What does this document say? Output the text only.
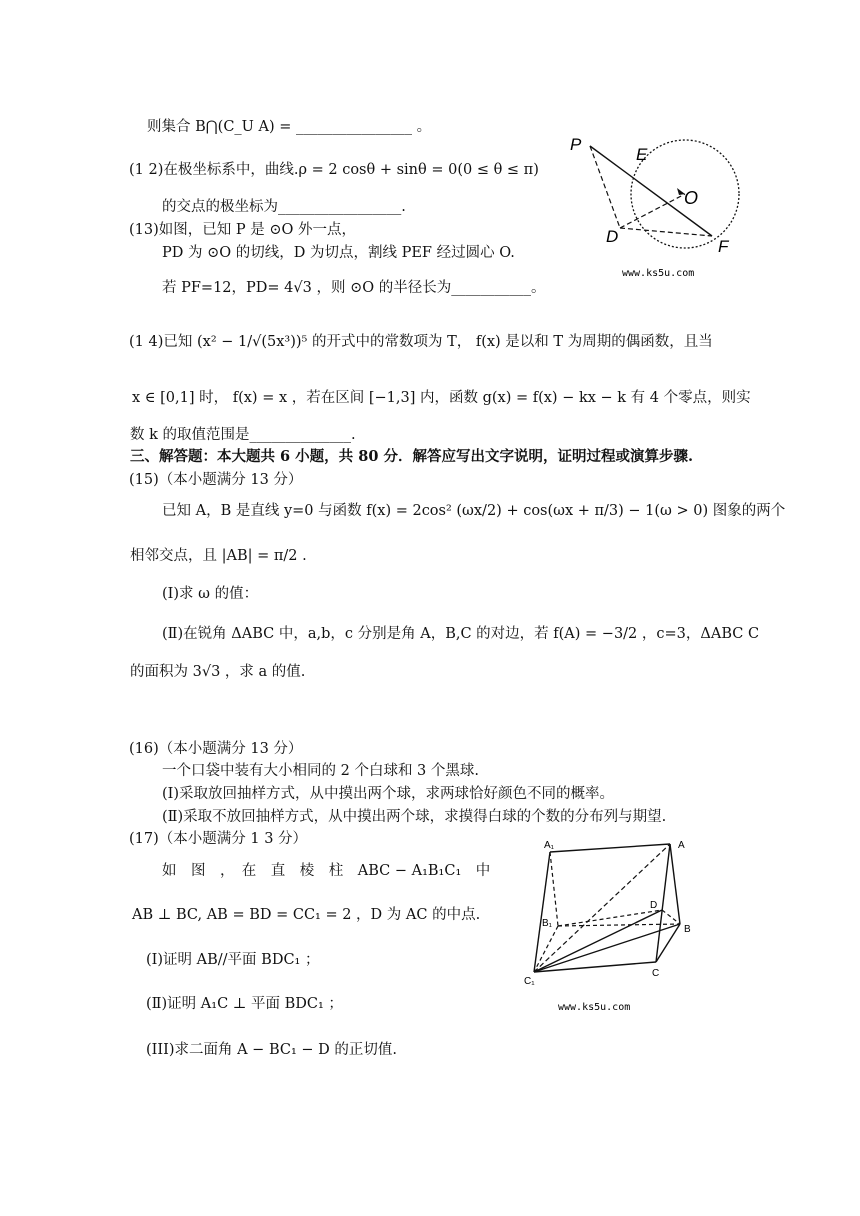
则集合 B⋂(C_U A) = ________________ 。
(1 2)在极坐标系中，曲线.ρ = 2 cosθ + sinθ = 0(0 ≤ θ ≤ π)
的交点的极坐标为_________________.
(13)如图，已知 P 是 ⊙O 外一点，
PD 为 ⊙O 的切线，D 为切点，割线 PEF 经过圆心 O.
若 PF=12，PD= 4√3 ，则 ⊙O 的半径长为___________。
(1 4)已知 (x² − 1/√(5x³))⁵ 的开式中的常数项为 T， f(x) 是以和 T 为周期的偶函数，且当
x ∈ [0,1] 时， f(x) = x ，若在区间 [−1,3] 内，函数 g(x) = f(x) − kx − k 有 4 个零点，则实
数 k 的取值范围是______________.
三、解答题：本大题共 6 小题，共 80 分．解答应写出文字说明，证明过程或演算步骤.
(15)（本小题满分 13 分）
已知 A，B 是直线 y=0 与函数 f(x) = 2cos² (ωx/2) + cos(ωx + π/3) − 1(ω > 0) 图象的两个
相邻交点，且 |AB| = π/2 .
(I)求 ω 的值：
(Ⅱ)在锐角 ΔABC 中，a,b，c 分别是角 A，B,C 的对边，若 f(A) = −3/2 ，c=3，ΔABC C
的面积为 3√3 ，求 a 的值.
(16)（本小题满分 13 分）
一个口袋中装有大小相同的 2 个白球和 3 个黑球.
(I)采取放回抽样方式，从中摸出两个球，求两球恰好颜色不同的概率。
(Ⅱ)采取不放回抽样方式，从中摸出两个球，求摸得白球的个数的分布列与期望.
(17)（本小题满分 1 3 分）
如　图　，　在　直　棱　柱　ABC − A₁B₁C₁　中
AB ⊥ BC, AB = BD = CC₁ = 2 ，D 为 AC 的中点.
(I)证明 AB//平面 BDC₁ ；
(Ⅱ)证明 A₁C ⊥ 平面 BDC₁ ；
(III)求二面角 A − BC₁ − D 的正切值.
P
E
O
D
F
www.ks5u.com
A₁	A
B₁
D
B
C₁
C
www.ks5u.com
